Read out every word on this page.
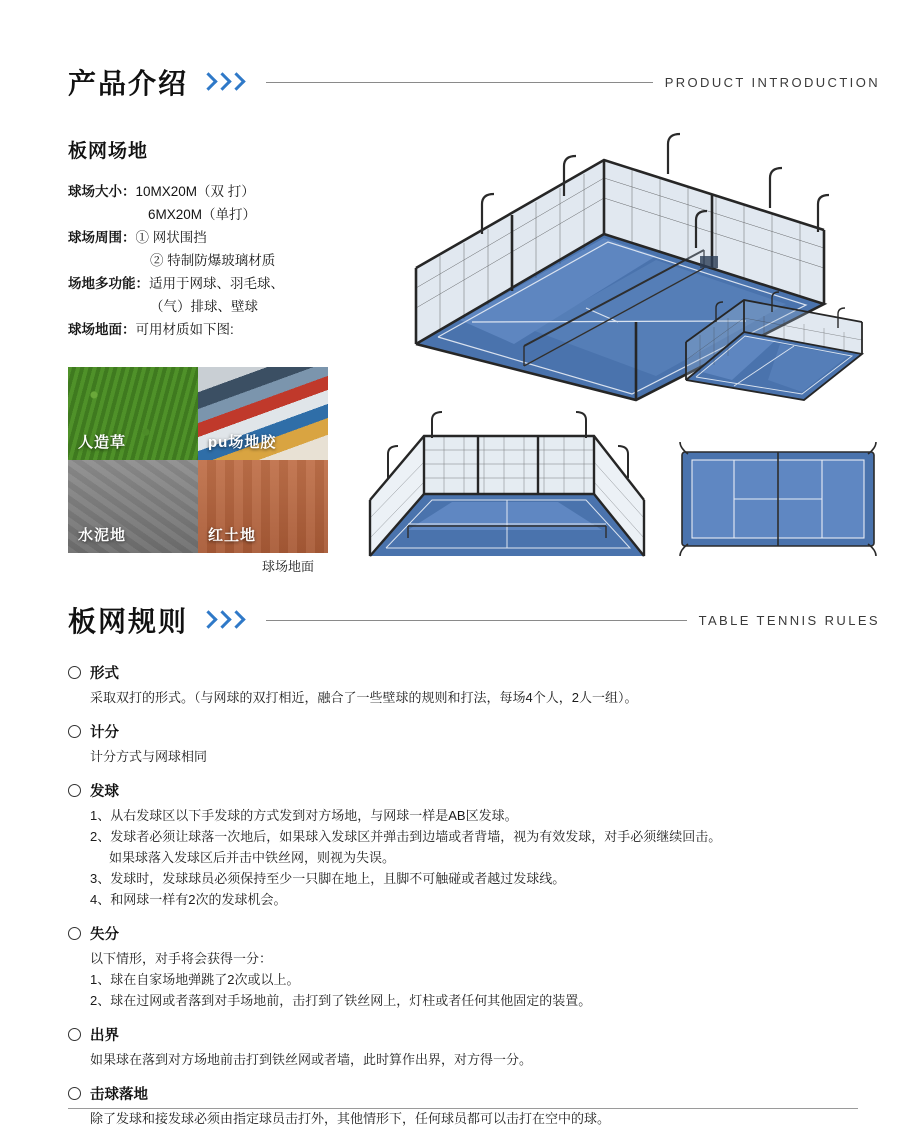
产品介绍	PRODUCT INTRODUCTION
板网场地
球场大小： 10MX20M（双 打）
6MX20M（单打）
球场周围： ① 网状围挡
② 特制防爆玻璃材质
场地多功能： 适用于网球、羽毛球、
（气）排球、壁球
球场地面： 可用材质如下图:
人造草	pu场地胶
水泥地	红土地
球场地面
板网规则	TABLE TENNIS RULES
形式
采取双打的形式。（与网球的双打相近，融合了一些壁球的规则和打法，每场4个人，2人一组）。
计分
计分方式与网球相同
发球
1、从右发球区以下手发球的方式发到对方场地，与网球一样是AB区发球。
2、发球者必须让球落一次地后，如果球入发球区并弹击到边墙或者背墙，视为有效发球，对手必须继续回击。
如果球落入发球区后并击中铁丝网，则视为失误。
3、发球时，发球球员必须保持至少一只脚在地上，且脚不可触碰或者越过发球线。
4、和网球一样有2次的发球机会。
失分
以下情形，对手将会获得一分：
1、球在自家场地弹跳了2次或以上。
2、球在过网或者落到对手场地前，击打到了铁丝网上，灯柱或者任何其他固定的装置。
出界
如果球在落到对方场地前击打到铁丝网或者墙，此时算作出界，对方得一分。
击球落地
除了发球和接发球必须由指定球员击打外，其他情形下，任何球员都可以击打在空中的球。
